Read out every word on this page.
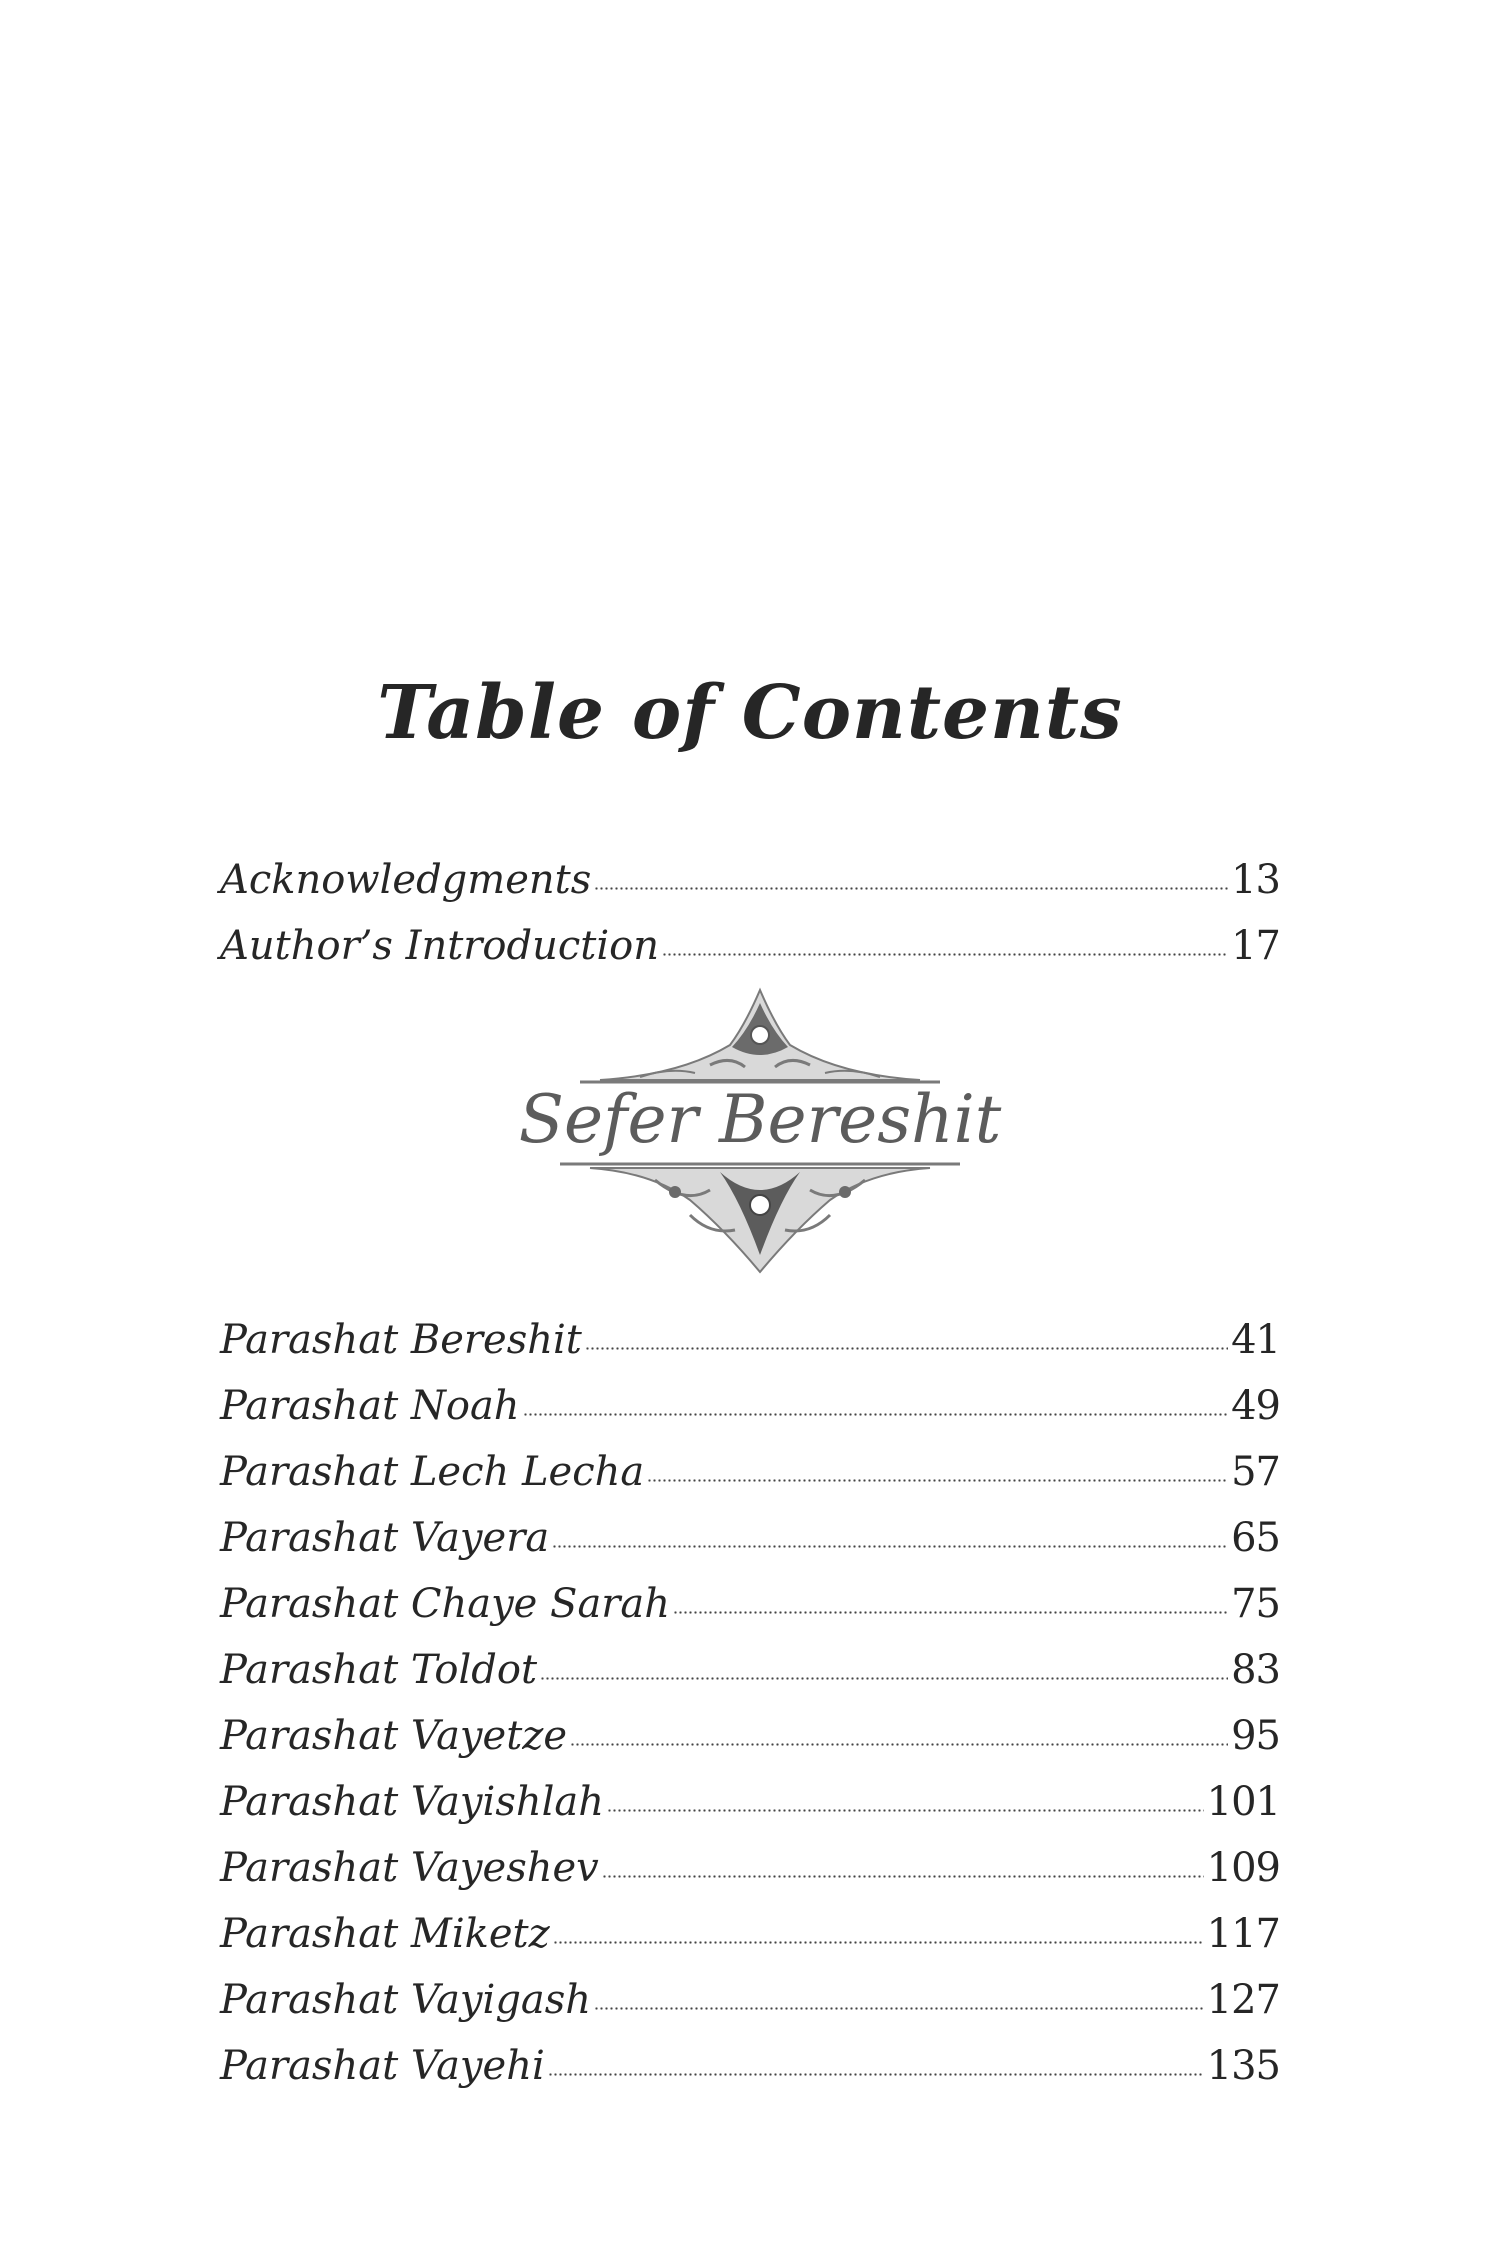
Table of Contents
Acknowledgments	13
Author’s Introduction	17
Sefer Bereshit
Parashat Bereshit	41
Parashat Noah	49
Parashat Lech Lecha	57
Parashat Vayera	65
Parashat Chaye Sarah	75
Parashat Toldot	83
Parashat Vayetze	95
Parashat Vayishlah	101
Parashat Vayeshev	109
Parashat Miketz	117
Parashat Vayigash	127
Parashat Vayehi	135
